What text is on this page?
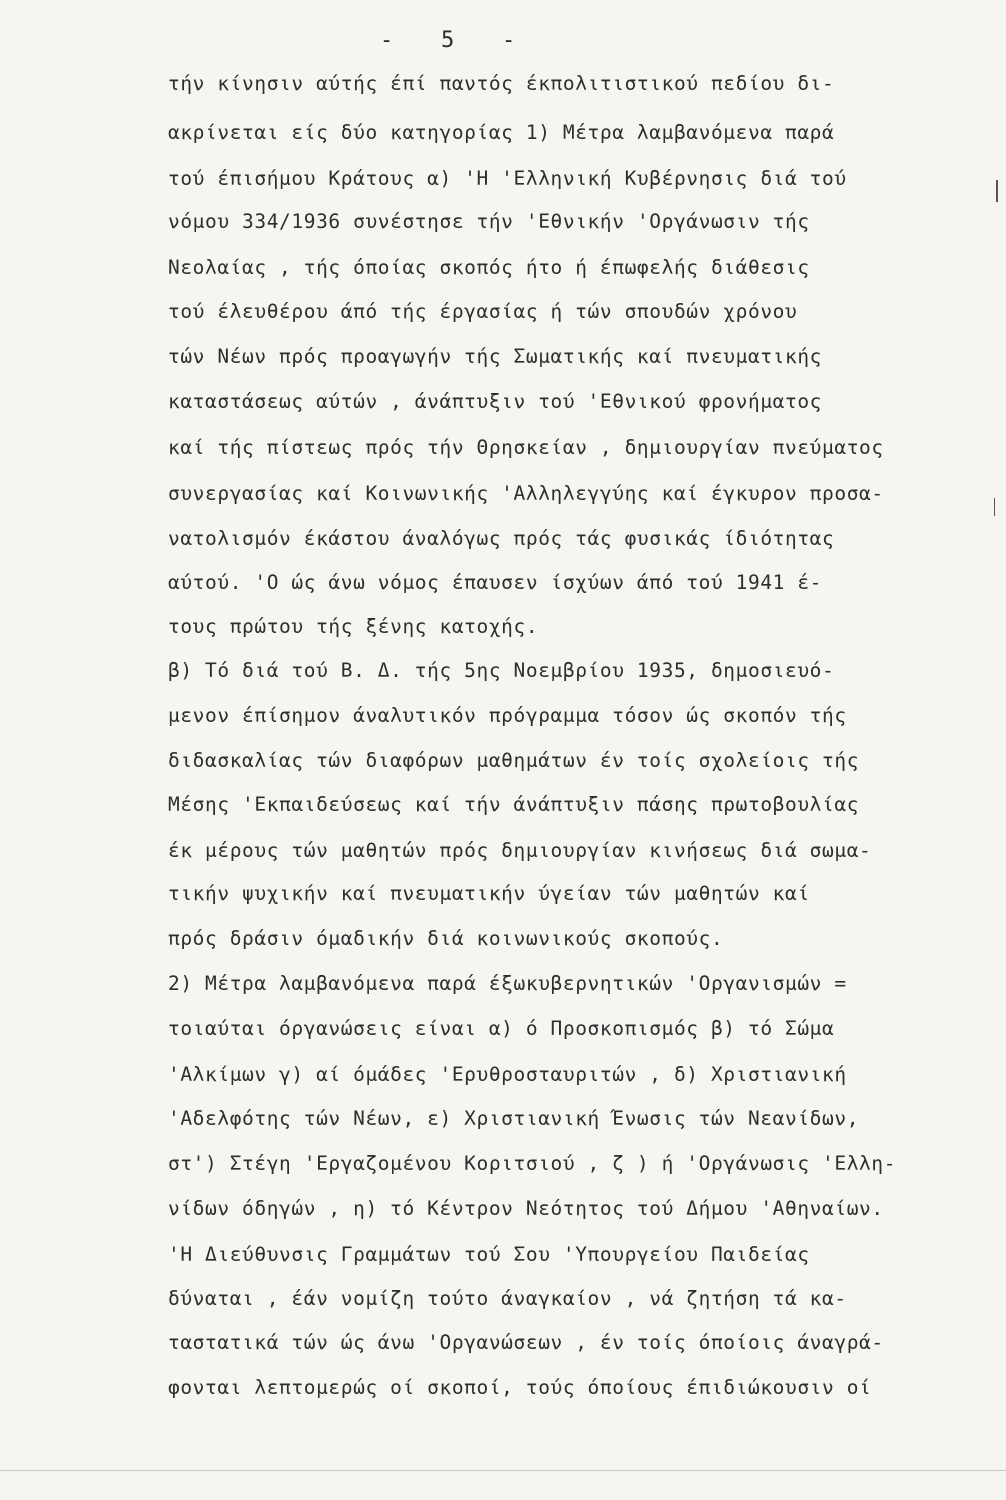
-   5   -
τήν κίνησιν αύτής έπί παντός έκπολιτιστικού πεδίου δι-
ακρίνεται είς δύο κατηγορίας 1) Μέτρα λαμβανόμενα παρά
τού έπισήμου Κράτους α) 'Η 'Ελληνική Κυβέρνησις διά τού
νόμου 334/1936 συνέστησε τήν 'Εθνικήν 'Οργάνωσιν τής
Νεολαίας , τής όποίας σκοπός ήτο ή έπωφελής διάθεσις
τού έλευθέρου άπό τής έργασίας ή τών σπουδών χρόνου
τών Νέων πρός προαγωγήν τής Σωματικής καί πνευματικής
καταστάσεως αύτών , άνάπτυξιν τού 'Εθνικού φρονήματος
καί τής πίστεως πρός τήν Θρησκείαν , δημιουργίαν πνεύματος
συνεργασίας καί Κοινωνικής 'Αλληλεγγύης καί έγκυρον προσα-
νατολισμόν έκάστου άναλόγως πρός τάς φυσικάς ίδιότητας
αύτού. 'Ο ώς άνω νόμος έπαυσεν ίσχύων άπό τού 1941 έ-
τους πρώτου τής ξένης κατοχής.
β) Τό διά τού Β. Δ. τής 5ης Νοεμβρίου 1935, δημοσιευό-
μενον έπίσημον άναλυτικόν πρόγραμμα τόσον ώς σκοπόν τής
διδασκαλίας τών διαφόρων μαθημάτων έν τοίς σχολείοις τής
Μέσης 'Εκπαιδεύσεως καί τήν άνάπτυξιν πάσης πρωτοβουλίας
έκ μέρους τών μαθητών πρός δημιουργίαν κινήσεως διά σωμα-
τικήν ψυχικήν καί πνευματικήν ύγείαν τών μαθητών καί
πρός δράσιν όμαδικήν διά κοινωνικούς σκοπούς.
2) Μέτρα λαμβανόμενα παρά έξωκυβερνητικών 'Οργανισμών =
τοιαύται όργανώσεις είναι α) ό Προσκοπισμός β) τό Σώμα
'Αλκίμων γ) αί όμάδες 'Ερυθροσταυριτών , δ) Χριστιανική
'Αδελφότης τών Νέων, ε) Χριστιανική Ένωσις τών Νεανίδων,
στ') Στέγη 'Εργαζομένου Κοριτσιού , ζ ) ή 'Οργάνωσις 'Ελλη-
νίδων όδηγών , η) τό Κέντρον Νεότητος τού Δήμου 'Αθηναίων.
'Η Διεύθυνσις Γραμμάτων τού Σου 'Υπουργείου Παιδείας
δύναται , έάν νομίζη τούτο άναγκαίον , νά ζητήση τά κα-
ταστατικά τών ώς άνω 'Οργανώσεων , έν τοίς όποίοις άναγρά-
φονται λεπτομερώς οί σκοποί, τούς όποίους έπιδιώκουσιν οί
